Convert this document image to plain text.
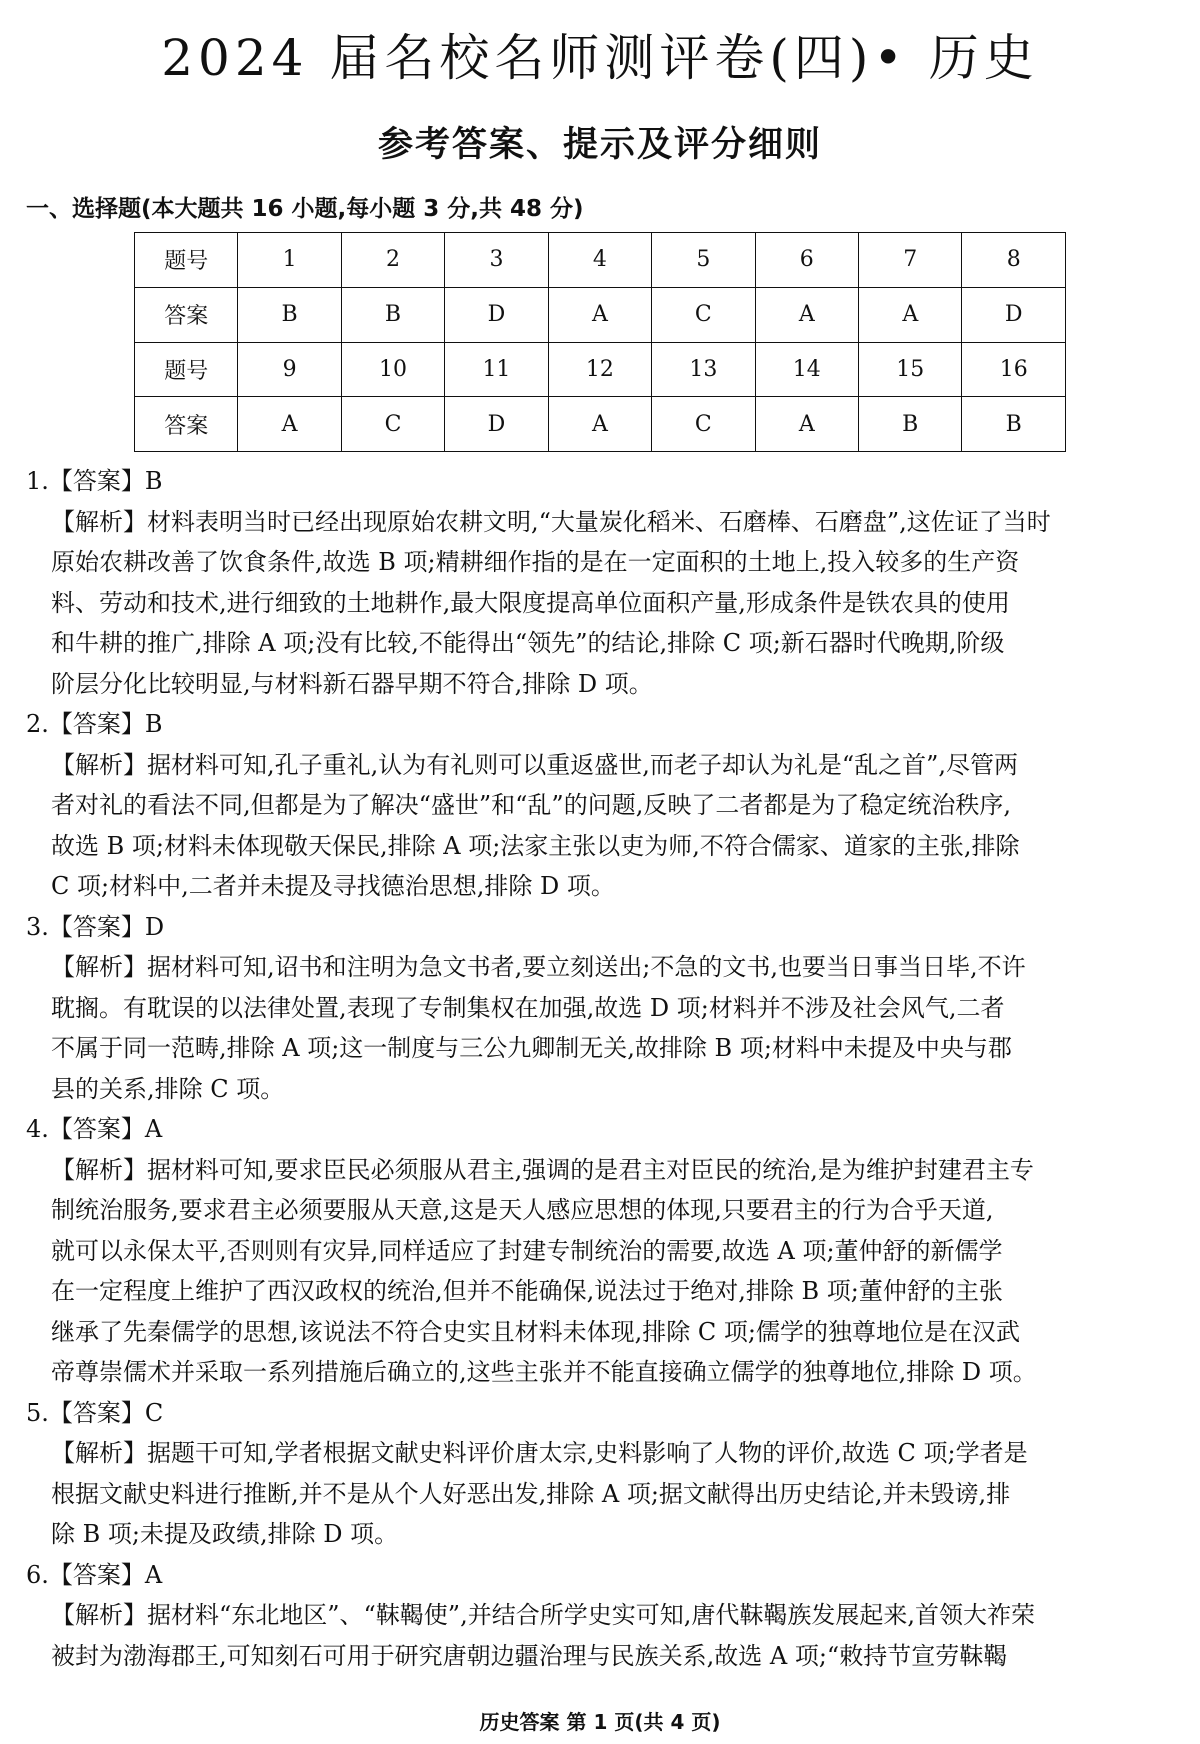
2024 届名校名师测评卷(四)• 历史
参考答案、提示及评分细则
一、选择题(本大题共 16 小题,每小题 3 分,共 48 分)
题号	1	2	3	4	5	6	7	8
答案	B	B	D	A	C	A	A	D
题号	9	10	11	12	13	14	15	16
答案	A	C	D	A	C	A	B	B
1.【答案】B
【解析】材料表明当时已经出现原始农耕文明,“大量炭化稻米、石磨棒、石磨盘”,这佐证了当时
原始农耕改善了饮食条件,故选 B 项;精耕细作指的是在一定面积的土地上,投入较多的生产资
料、劳动和技术,进行细致的土地耕作,最大限度提高单位面积产量,形成条件是铁农具的使用
和牛耕的推广,排除 A 项;没有比较,不能得出“领先”的结论,排除 C 项;新石器时代晚期,阶级
阶层分化比较明显,与材料新石器早期不符合,排除 D 项。
2.【答案】B
【解析】据材料可知,孔子重礼,认为有礼则可以重返盛世,而老子却认为礼是“乱之首”,尽管两
者对礼的看法不同,但都是为了解决“盛世”和“乱”的问题,反映了二者都是为了稳定统治秩序,
故选 B 项;材料未体现敬天保民,排除 A 项;法家主张以吏为师,不符合儒家、道家的主张,排除
C 项;材料中,二者并未提及寻找德治思想,排除 D 项。
3.【答案】D
【解析】据材料可知,诏书和注明为急文书者,要立刻送出;不急的文书,也要当日事当日毕,不许
耽搁。有耽误的以法律处置,表现了专制集权在加强,故选 D 项;材料并不涉及社会风气,二者
不属于同一范畴,排除 A 项;这一制度与三公九卿制无关,故排除 B 项;材料中未提及中央与郡
县的关系,排除 C 项。
4.【答案】A
【解析】据材料可知,要求臣民必须服从君主,强调的是君主对臣民的统治,是为维护封建君主专
制统治服务,要求君主必须要服从天意,这是天人感应思想的体现,只要君主的行为合乎天道,
就可以永保太平,否则则有灾异,同样适应了封建专制统治的需要,故选 A 项;董仲舒的新儒学
在一定程度上维护了西汉政权的统治,但并不能确保,说法过于绝对,排除 B 项;董仲舒的主张
继承了先秦儒学的思想,该说法不符合史实且材料未体现,排除 C 项;儒学的独尊地位是在汉武
帝尊崇儒术并采取一系列措施后确立的,这些主张并不能直接确立儒学的独尊地位,排除 D 项。
5.【答案】C
【解析】据题干可知,学者根据文献史料评价唐太宗,史料影响了人物的评价,故选 C 项;学者是
根据文献史料进行推断,并不是从个人好恶出发,排除 A 项;据文献得出历史结论,并未毁谤,排
除 B 项;未提及政绩,排除 D 项。
6.【答案】A
【解析】据材料“东北地区”、“靺鞨使”,并结合所学史实可知,唐代靺鞨族发展起来,首领大祚荣
被封为渤海郡王,可知刻石可用于研究唐朝边疆治理与民族关系,故选 A 项;“敕持节宣劳靺鞨
历史答案 第 1 页(共 4 页)
